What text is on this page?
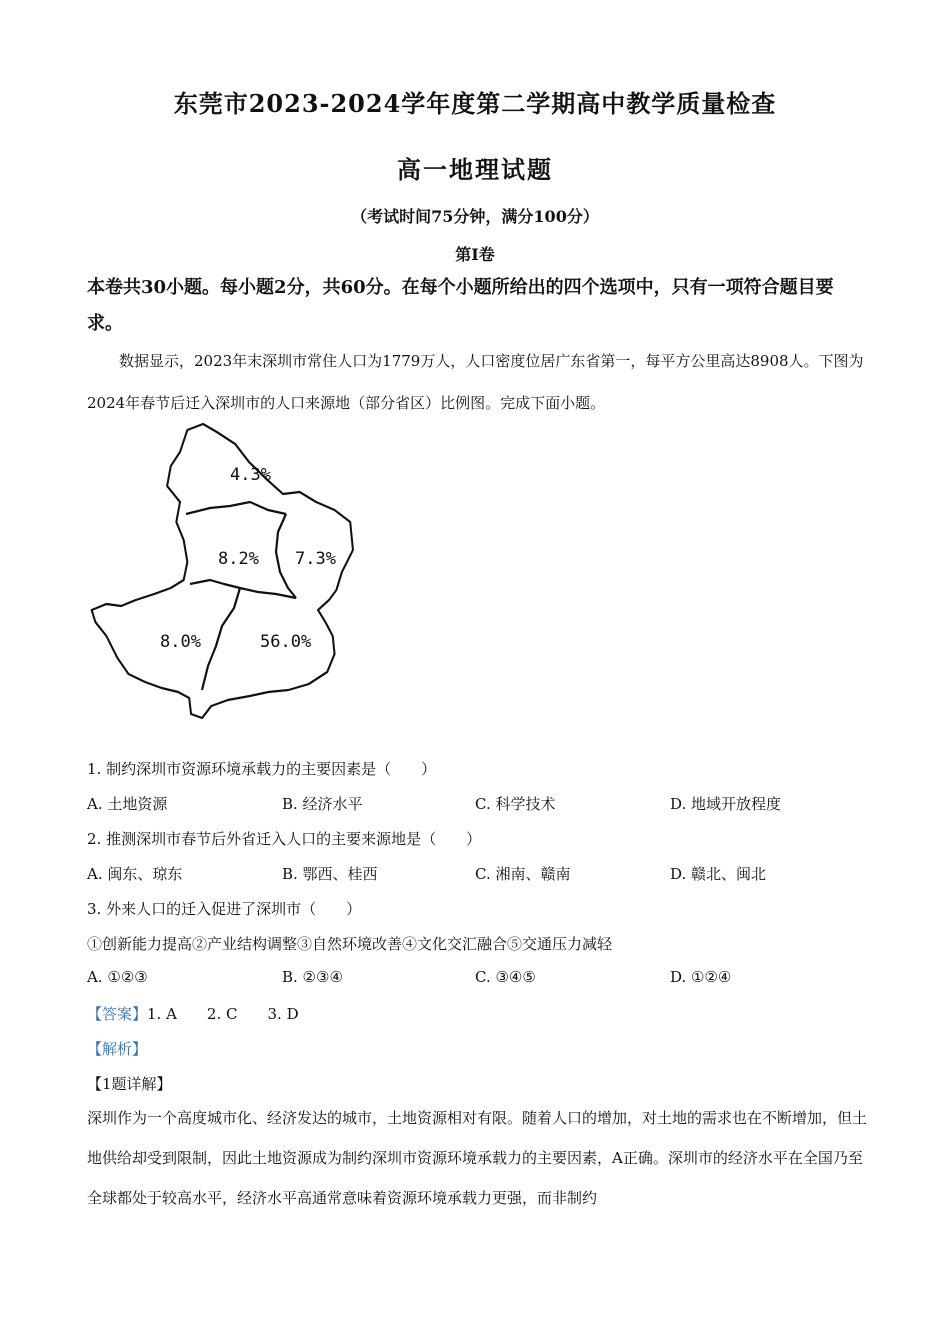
东莞市2023-2024学年度第二学期高中教学质量检查
高一地理试题
（考试时间75分钟，满分100分）
第Ⅰ卷
本卷共30小题。每小题2分，共60分。在每个小题所给出的四个选项中，只有一项符合题目要求。
数据显示，2023年末深圳市常住人口为1779万人，人口密度位居广东省第一，每平方公里高达8908人。下图为2024年春节后迁入深圳市的人口来源地（部分省区）比例图。完成下面小题。
4.3%
8.2% 7.3%
8.0%	56.0%
1. 制约深圳市资源环境承载力的主要因素是（　　）
A. 土地资源	B. 经济水平	C. 科学技术	D. 地域开放程度
2. 推测深圳市春节后外省迁入人口的主要来源地是（　　）
A. 闽东、琼东	B. 鄂西、桂西	C. 湘南、赣南	D. 赣北、闽北
3. 外来人口的迁入促进了深圳市（　　）
①创新能力提高②产业结构调整③自然环境改善④文化交汇融合⑤交通压力减轻
A. ①②③	B. ②③④	C. ③④⑤	D. ①②④
【答案】1. A　　2. C　　3. D
【解析】
【1题详解】
深圳作为一个高度城市化、经济发达的城市，土地资源相对有限。随着人口的增加，对土地的需求也在不断增加，但土地供给却受到限制，因此土地资源成为制约深圳市资源环境承载力的主要因素，A正确。深圳市的经济水平在全国乃至全球都处于较高水平，经济水平高通常意味着资源环境承载力更强，而非制约
